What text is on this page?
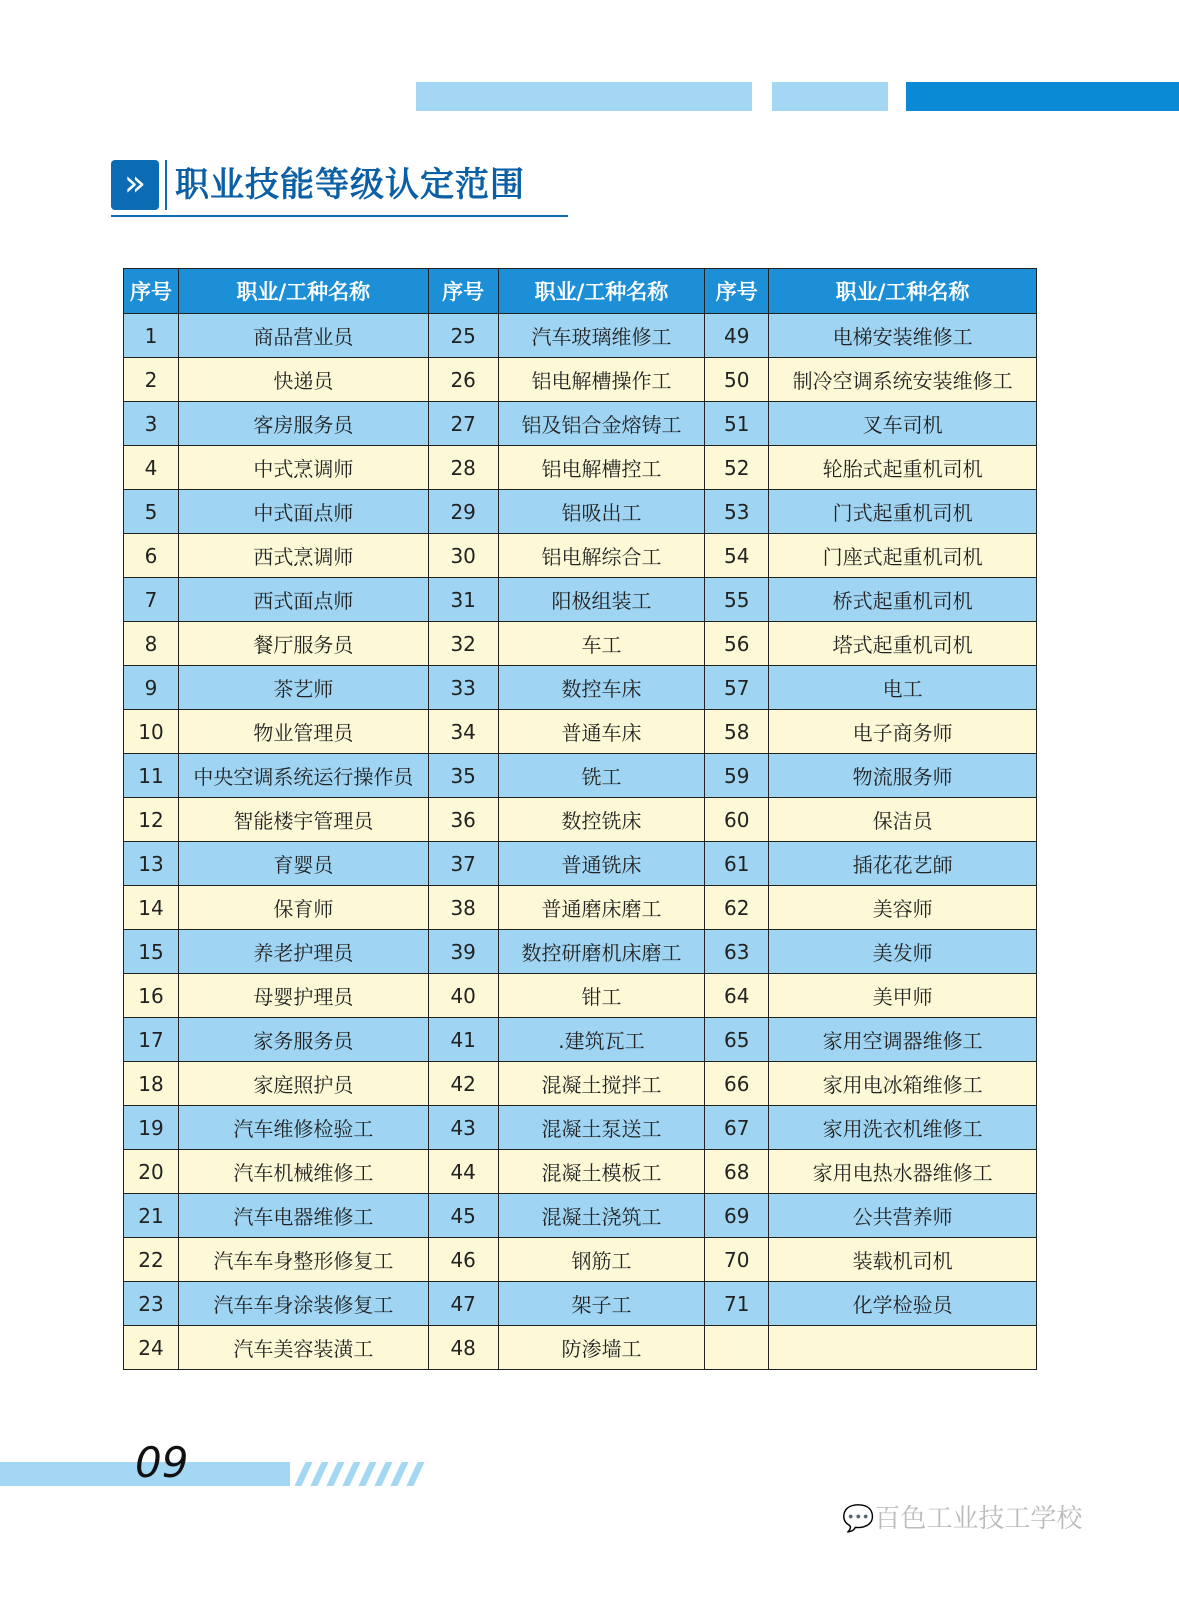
» 职业技能等级认定范围
序号	职业/工种名称	序号	职业/工种名称	序号	职业/工种名称
1	商品营业员	25	汽车玻璃维修工	49	电梯安装维修工
2	快递员	26	铝电解槽操作工	50	制冷空调系统安装维修工
3	客房服务员	27	铝及铝合金熔铸工	51	叉车司机
4	中式烹调师	28	铝电解槽控工	52	轮胎式起重机司机
5	中式面点师	29	铝吸出工	53	门式起重机司机
6	西式烹调师	30	铝电解综合工	54	门座式起重机司机
7	西式面点师	31	阳极组装工	55	桥式起重机司机
8	餐厅服务员	32	车工	56	塔式起重机司机
9	茶艺师	33	数控车床	57	电工
10	物业管理员	34	普通车床	58	电子商务师
11	中央空调系统运行操作员	35	铣工	59	物流服务师
12	智能楼宇管理员	36	数控铣床	60	保洁员
13	育婴员	37	普通铣床	61	插花花艺師
14	保育师	38	普通磨床磨工	62	美容师
15	养老护理员	39	数控研磨机床磨工	63	美发师
16	母婴护理员	40	钳工	64	美甲师
17	家务服务员	41	.建筑瓦工	65	家用空调器维修工
18	家庭照护员	42	混凝土搅拌工	66	家用电冰箱维修工
19	汽车维修检验工	43	混凝土泵送工	67	家用洗衣机维修工
20	汽车机械维修工	44	混凝土模板工	68	家用电热水器维修工
21	汽车电器维修工	45	混凝土浇筑工	69	公共营养师
22	汽车车身整形修复工	46	钢筋工	70	装载机司机
23	汽车车身涂装修复工	47	架子工	71	化学检验员
24	汽车美容装潢工	48	防渗墙工		
09
💬百色工业技工学校
